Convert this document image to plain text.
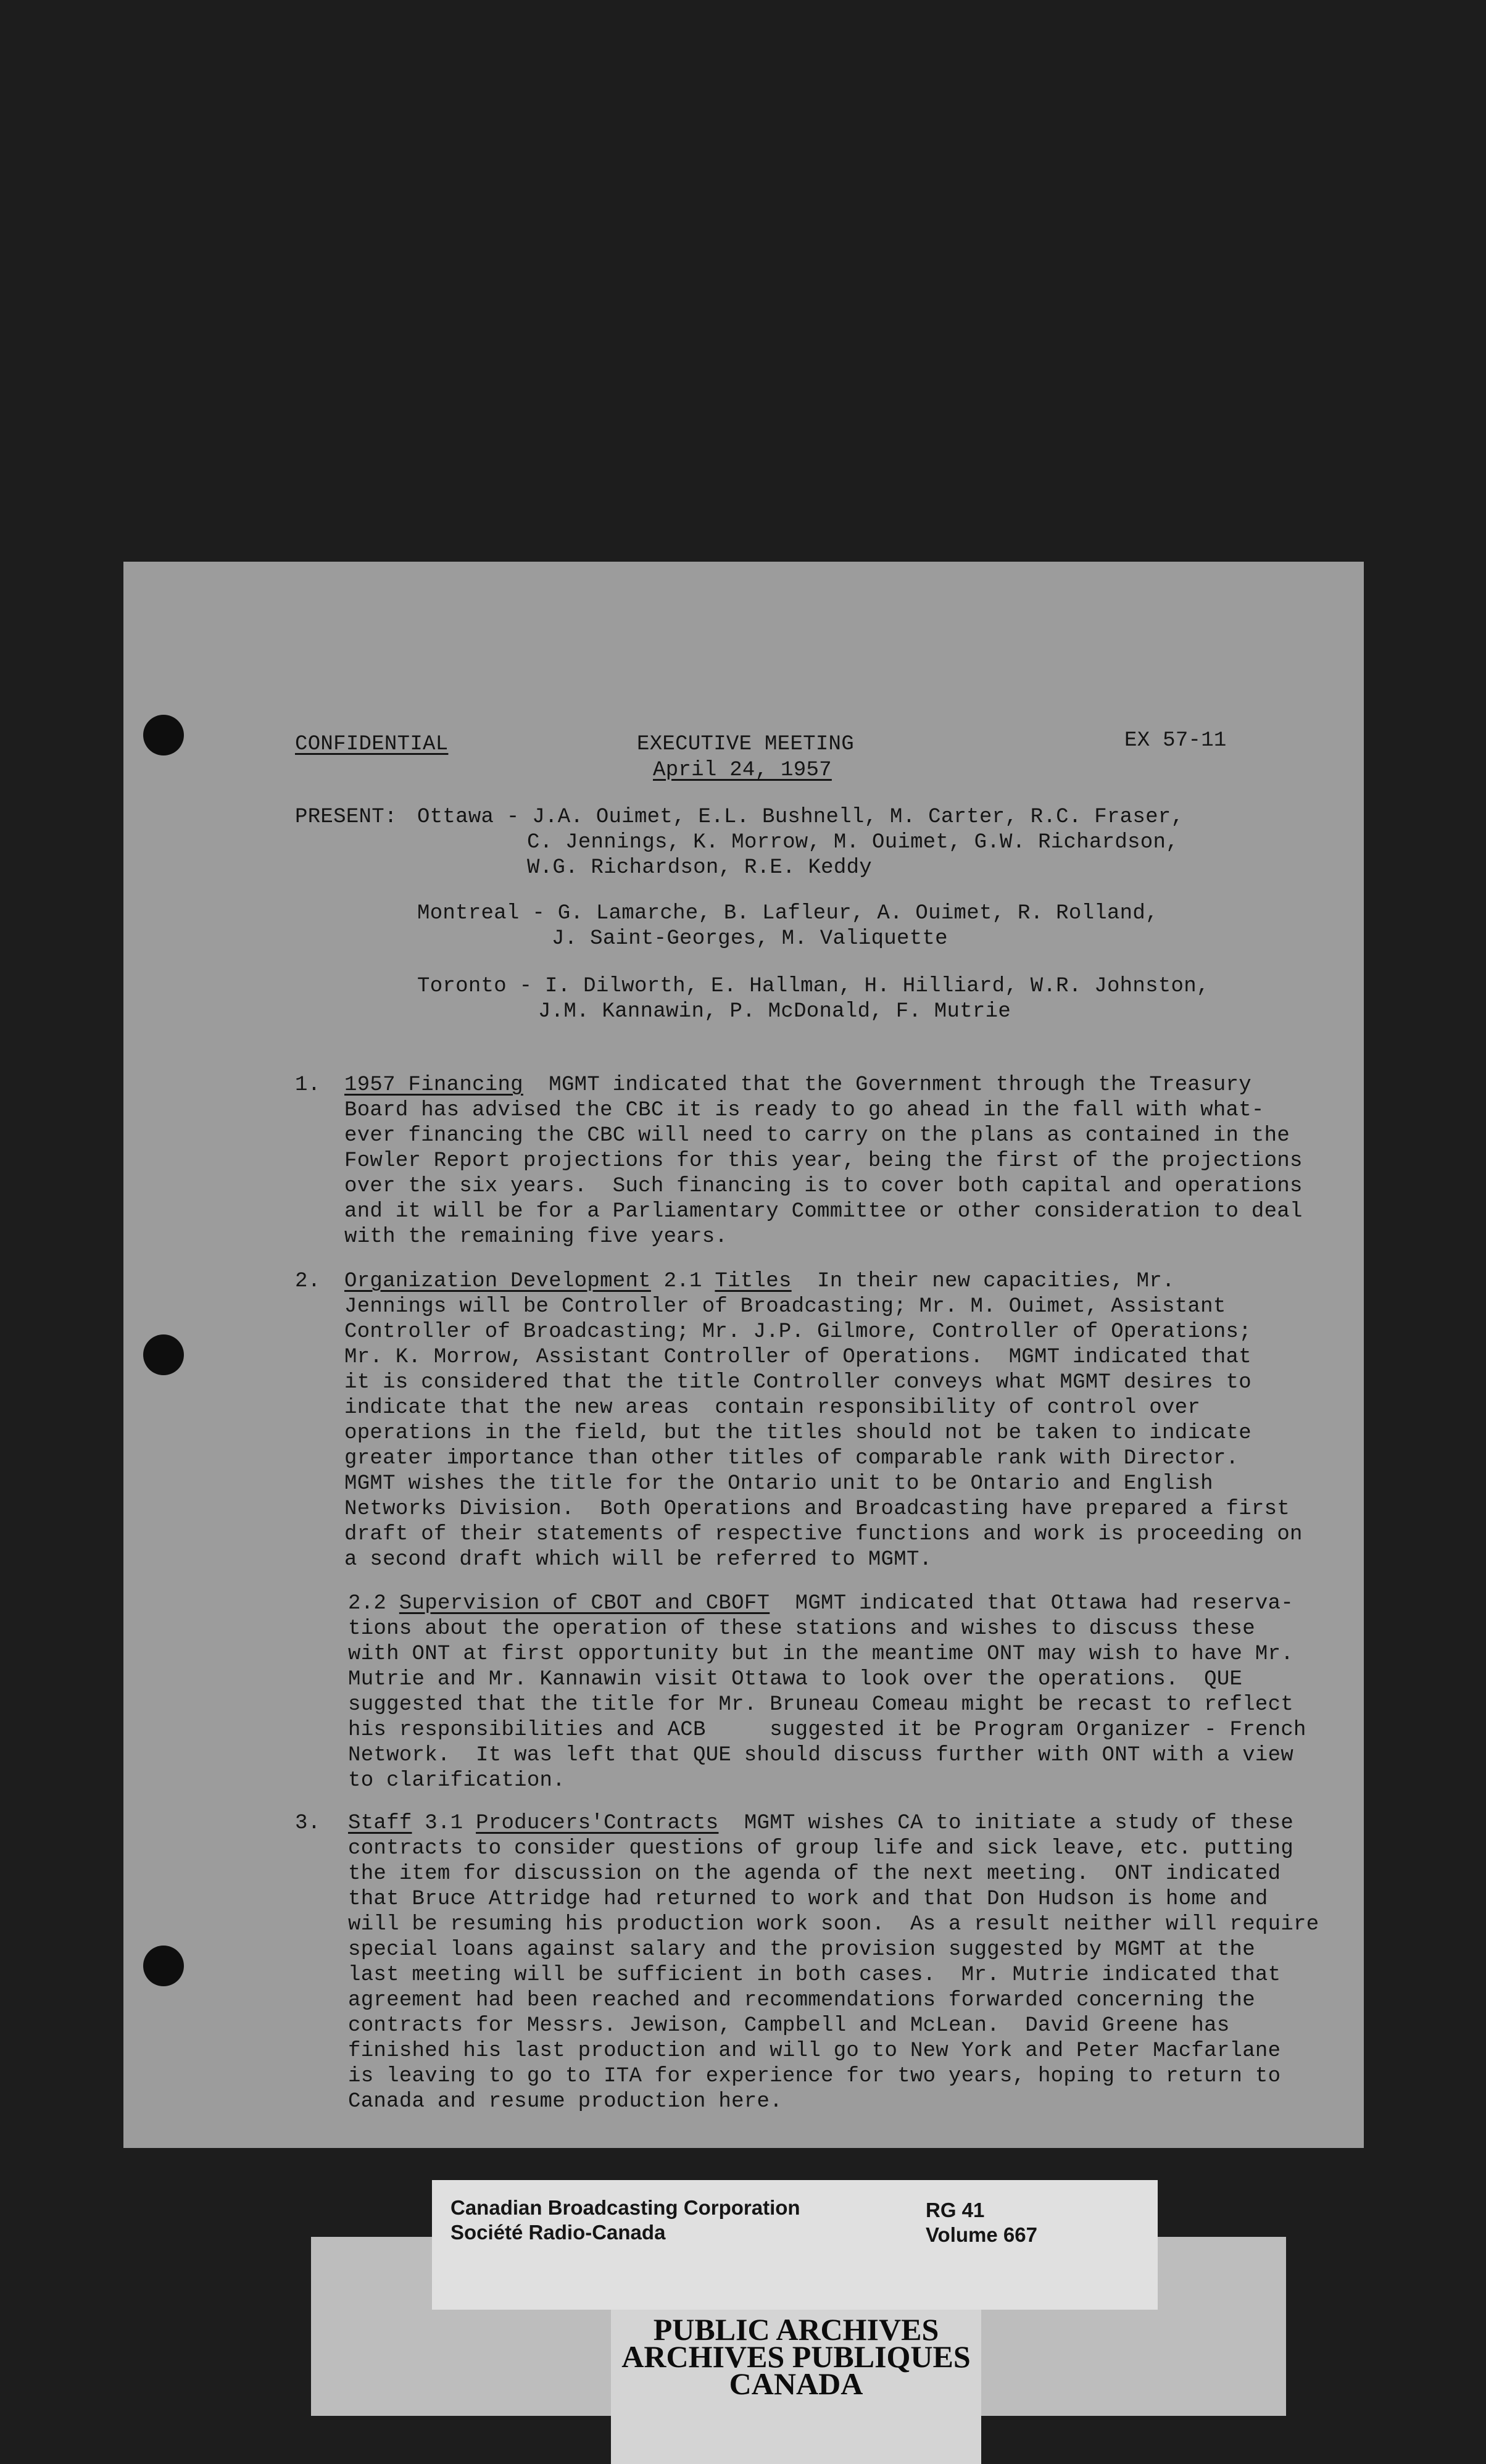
CONFIDENTIAL	EXECUTIVE MEETING
April 24, 1957
EX 57-11
PRESENT: Ottawa - J.A. Ouimet, E.L. Bushnell, M. Carter, R.C. Fraser,
C. Jennings, K. Morrow, M. Ouimet, G.W. Richardson,
W.G. Richardson, R.E. Keddy
Montreal - G. Lamarche, B. Lafleur, A. Ouimet, R. Rolland,
J. Saint-Georges, M. Valiquette
Toronto - I. Dilworth, E. Hallman, H. Hilliard, W.R. Johnston,
J.M. Kannawin, P. McDonald, F. Mutrie
1. 1957 Financing  MGMT indicated that the Government through the Treasury
Board has advised the CBC it is ready to go ahead in the fall with what-
ever financing the CBC will need to carry on the plans as contained in the
Fowler Report projections for this year, being the first of the projections
over the six years.  Such financing is to cover both capital and operations
and it will be for a Parliamentary Committee or other consideration to deal
with the remaining five years.
2. Organization Development 2.1 Titles  In their new capacities, Mr.
Jennings will be Controller of Broadcasting; Mr. M. Ouimet, Assistant
Controller of Broadcasting; Mr. J.P. Gilmore, Controller of Operations;
Mr. K. Morrow, Assistant Controller of Operations.  MGMT indicated that
it is considered that the title Controller conveys what MGMT desires to
indicate that the new areas  contain responsibility of control over
operations in the field, but the titles should not be taken to indicate
greater importance than other titles of comparable rank with Director.
MGMT wishes the title for the Ontario unit to be Ontario and English
Networks Division.  Both Operations and Broadcasting have prepared a first
draft of their statements of respective functions and work is proceeding on
a second draft which will be referred to MGMT.
2.2 Supervision of CBOT and CBOFT  MGMT indicated that Ottawa had reserva-
tions about the operation of these stations and wishes to discuss these
with ONT at first opportunity but in the meantime ONT may wish to have Mr.
Mutrie and Mr. Kannawin visit Ottawa to look over the operations.  QUE
suggested that the title for Mr. Bruneau Comeau might be recast to reflect
his responsibilities and ACB     suggested it be Program Organizer - French
Network.  It was left that QUE should discuss further with ONT with a view
to clarification.
3. Staff 3.1 Producers'Contracts  MGMT wishes CA to initiate a study of these
contracts to consider questions of group life and sick leave, etc. putting
the item for discussion on the agenda of the next meeting.  ONT indicated
that Bruce Attridge had returned to work and that Don Hudson is home and
will be resuming his production work soon.  As a result neither will require
special loans against salary and the provision suggested by MGMT at the
last meeting will be sufficient in both cases.  Mr. Mutrie indicated that
agreement had been reached and recommendations forwarded concerning the
contracts for Messrs. Jewison, Campbell and McLean.  David Greene has
finished his last production and will go to New York and Peter Macfarlane
is leaving to go to ITA for experience for two years, hoping to return to
Canada and resume production here.
PUBLIC ARCHIVES
ARCHIVES PUBLIQUES
CANADA
Canadian Broadcasting Corporation
Société Radio-Canada
RG 41
Volume 667
